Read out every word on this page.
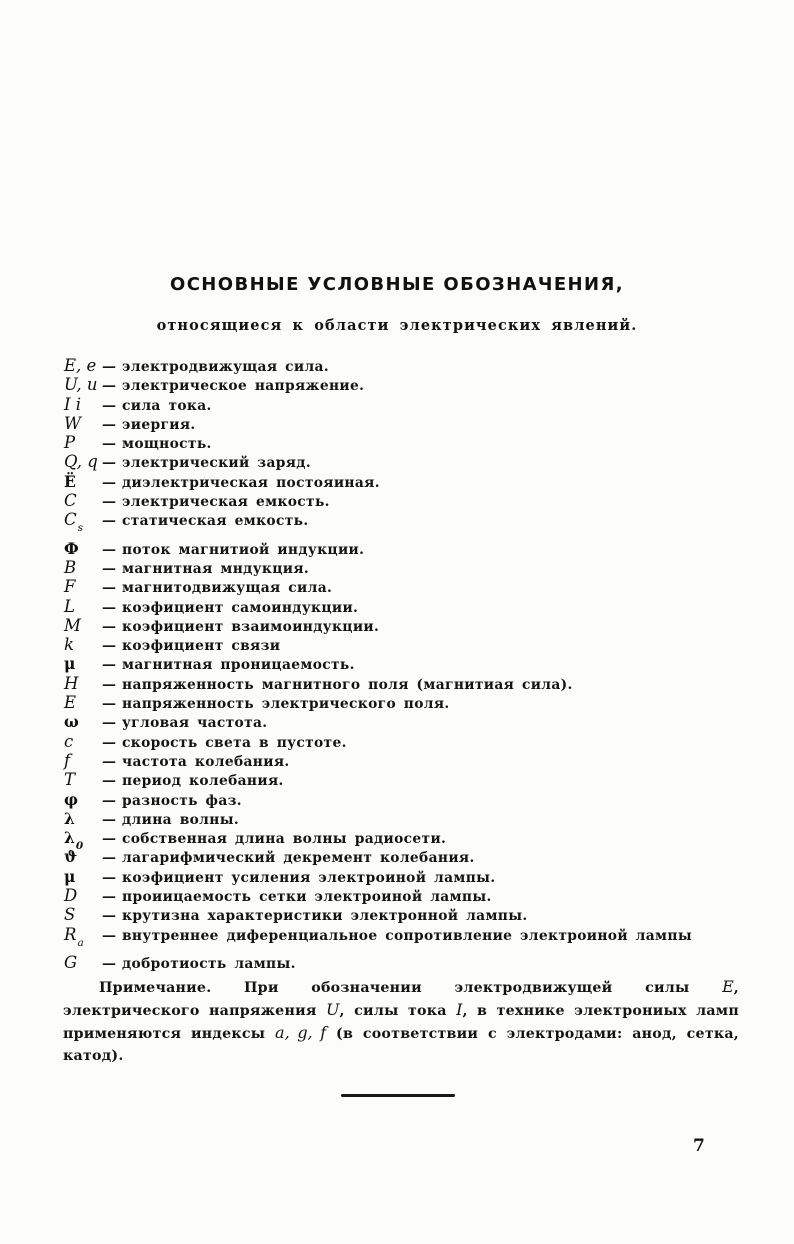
ОСНОВНЫЕ УСЛОВНЫЕ ОБОЗНАЧЕНИЯ,
относящиеся к области электрических явлений.
E, e — электродвижущая сила.
U, u — электрическое напряжение.
I i	— сила тока.
W	— эиергия.
P	— мощность.
Q, q — электрический заряд.
Ё	— диэлектрическая постояиная.
C	— электрическая емкость.
Cs	— статическая емкость.
Ф	— поток магнитиой индукции.
B	— магнитная мндукция.
F	— магнитодвижущая сила.
L	— коэфициент самоиндукции.
M	— коэфициент взаимоиндукции.
k	— коэфициент связи
μ	— магнитная проницаемость.
H	— напряженность магнитного поля (магнитиая сила).
E	— напряженность электрического поля.
ω	— угловая частота.
c	— скорость света в пустоте.
f	— частота колебания.
T	— период колебания.
φ	— разность фаз.
λ	— длина волны.
λ0	— собственная длина волны радиосети.
ϑ	— лагарифмический декремент колебания.
μ	— коэфициент усиления электроиной лампы.
D	— проиицаемость сетки электроиной лампы.
S	— крутизна характеристики электронной лампы.
Ra	— внутреннее диференциальное сопротивление электроиной лампы
G	— добротиость лампы.
Примечание. При обозначении электродвижущей силы E, электрического напряжения U, силы тока I, в технике электрониых ламп применяются индексы a, g, f (в соответствии с электродами: анод, сетка, катод).
7
